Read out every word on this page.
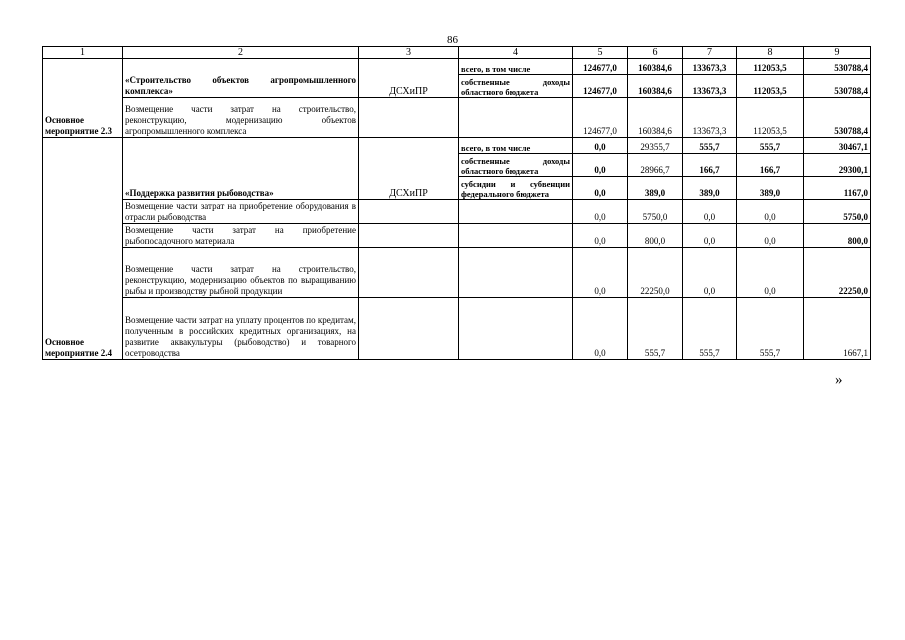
86
1	2	3	4	5	6	7	8	9
Основное мероприятие 2.3	«Строительство объектов агропромышленного комплекса»	ДСХиПР	всего, в том числе	124677,0	160384,6	133673,3	112053,5	530788,4
			собственные доходы областного бюджета	124677,0	160384,6	133673,3	112053,5	530788,4
	Возмещение части затрат на строительство, реконструкцию, модернизацию объектов агропромышленного комплекса			124677,0	160384,6	133673,3	112053,5	530788,4
Основное мероприятие 2.4	«Поддержка развития рыбоводства»	ДСХиПР	всего, в том числе	0,0	29355,7	555,7	555,7	30467,1
			собственные доходы областного бюджета	0,0	28966,7	166,7	166,7	29300,1
			субсидии и субвенции федерального бюджета	0,0	389,0	389,0	389,0	1167,0
	Возмещение части затрат на приобретение оборудования в отрасли рыбоводства			0,0	5750,0	0,0	0,0	5750,0
	Возмещение части затрат на приобретение рыбопосадочного материала			0,0	800,0	0,0	0,0	800,0
	Возмещение части затрат на строительство, реконструкцию, модернизацию объектов по выращиванию рыбы и производству рыбной продукции			0,0	22250,0	0,0	0,0	22250,0
	Возмещение части затрат на уплату процентов по кредитам, полученным в российских кредитных организациях, на развитие аквакультуры (рыбоводство) и товарного осетроводства			0,0	555,7	555,7	555,7	1667,1
»
